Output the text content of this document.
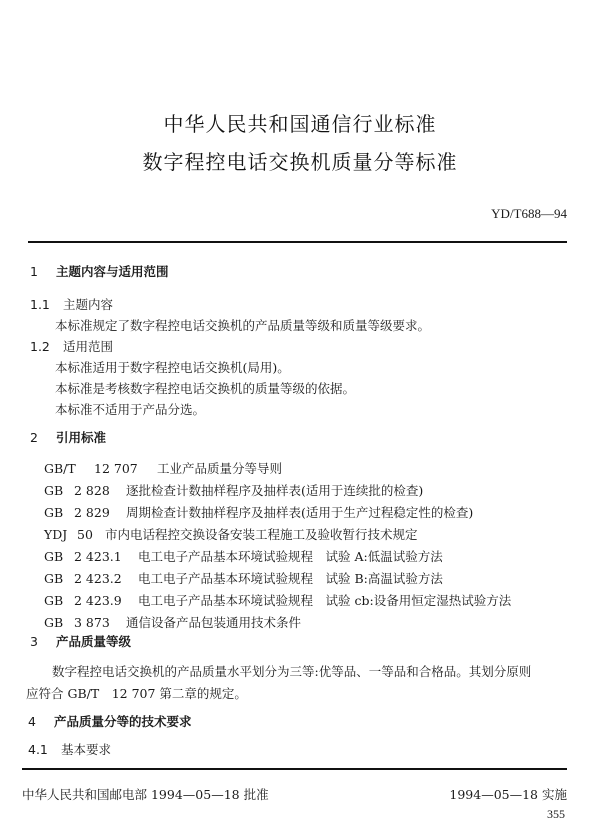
中华人民共和国通信行业标准
数字程控电话交换机质量分等标准
YD/T688—94
1 主题内容与适用范围
1.1 主题内容
本标准规定了数字程控电话交换机的产品质量等级和质量等级要求。
1.2 适用范围
本标准适用于数字程控电话交换机(局用)。
本标准是考核数字程控电话交换机的质量等级的依据。
本标准不适用于产品分选。
2 引用标准
GB/T 12 707 工业产品质量分等导则
GB 2 828 逐批检查计数抽样程序及抽样表(适用于连续批的检查)
GB 2 829 周期检查计数抽样程序及抽样表(适用于生产过程稳定性的检查)
YDJ 50 市内电话程控交换设备安装工程施工及验收暂行技术规定
GB 2 423.1 电工电子产品基本环境试验规程　试验 A:低温试验方法
GB 2 423.2 电工电子产品基本环境试验规程　试验 B:高温试验方法
GB 2 423.9 电工电子产品基本环境试验规程　试验 cb:设备用恒定湿热试验方法
GB 3 873 通信设备产品包装通用技术条件
3 产品质量等级
数字程控电话交换机的产品质量水平划分为三等:优等品、一等品和合格品。其划分原则
应符合 GB/T　12 707 第二章的规定。
4 产品质量分等的技术要求
4.1 基本要求
中华人民共和国邮电部 1994—05—18 批准	1994—05—18 实施
355
